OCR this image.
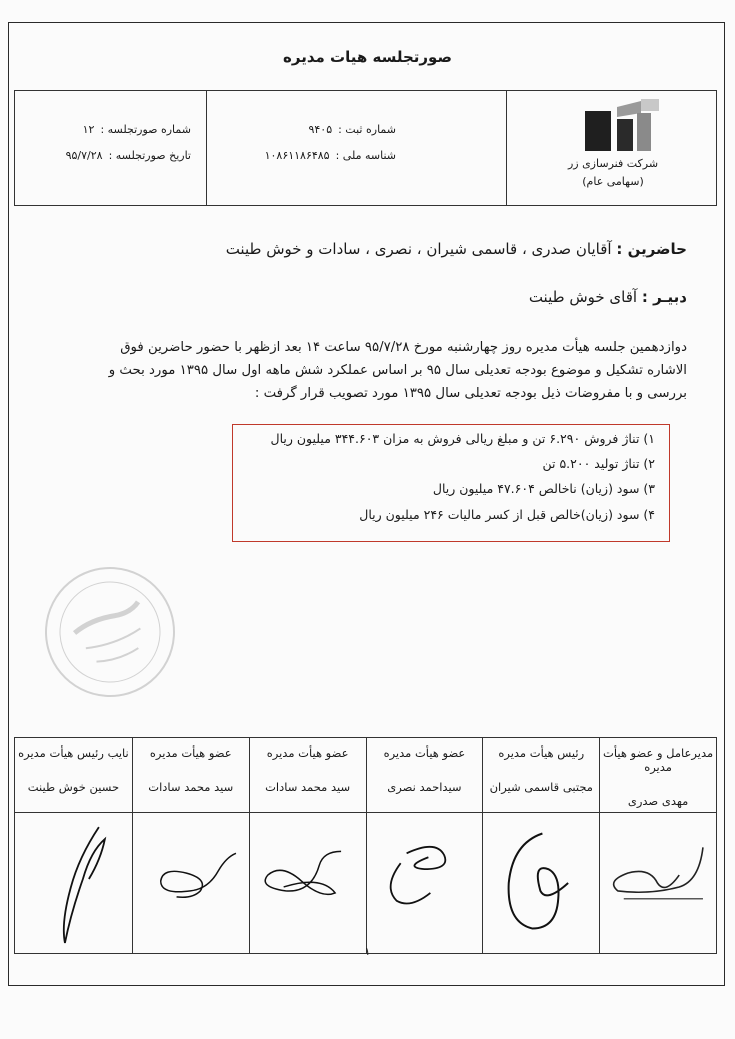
صورتجلسه هیات مدیره
شرکت فنرسازی زر
(سهامی عام)
شماره ثبت :۹۴۰۵
شناسه ملی :۱۰۸۶۱۱۸۶۴۸۵
شماره صورتجلسه :۱۲
تاریخ صورتجلسه :۹۵/۷/۲۸
حاضرین : آقایان صدری ، قاسمی شیران ، نصری ، سادات و خوش طینت
دبیـر : آقای خوش طینت
دوازدهمین جلسه هیأت مدیره روز چهارشنبه مورخ ۹۵/۷/۲۸ ساعت ۱۴ بعد ازظهر با حضور حاضرین فوق
الاشاره تشکیل و موضوع بودجه تعدیلی سال ۹۵ بر اساس عملکرد شش ماهه اول سال ۱۳۹۵ مورد بحث و
بررسی و با مفروضات ذیل بودجه تعدیلی سال ۱۳۹۵ مورد تصویب قرار گرفت :
۱) تناژ فروش ۶.۲۹۰ تن و مبلغ ریالی فروش به مزان ۳۴۴.۶۰۳ میلیون ریال
۲) تناژ تولید ۵.۲۰۰ تن
۳) سود (زیان) ناخالص ۴۷.۶۰۴ میلیون ریال
۴) سود (زیان)خالص قبل از کسر مالیات ۲۴۶ میلیون ریال
مدیرعامل و عضو هیأت مدیره
مهدی صدری
رئیس هیأت مدیره
مجتبی قاسمی شیران
عضو هیأت مدیره
سیداحمد نصری
عضو هیأت مدیره
سید محمد سادات
عضو هیأت مدیره
سید محمد سادات
نایب رئیس هیأت مدیره
حسین خوش طینت
۱
